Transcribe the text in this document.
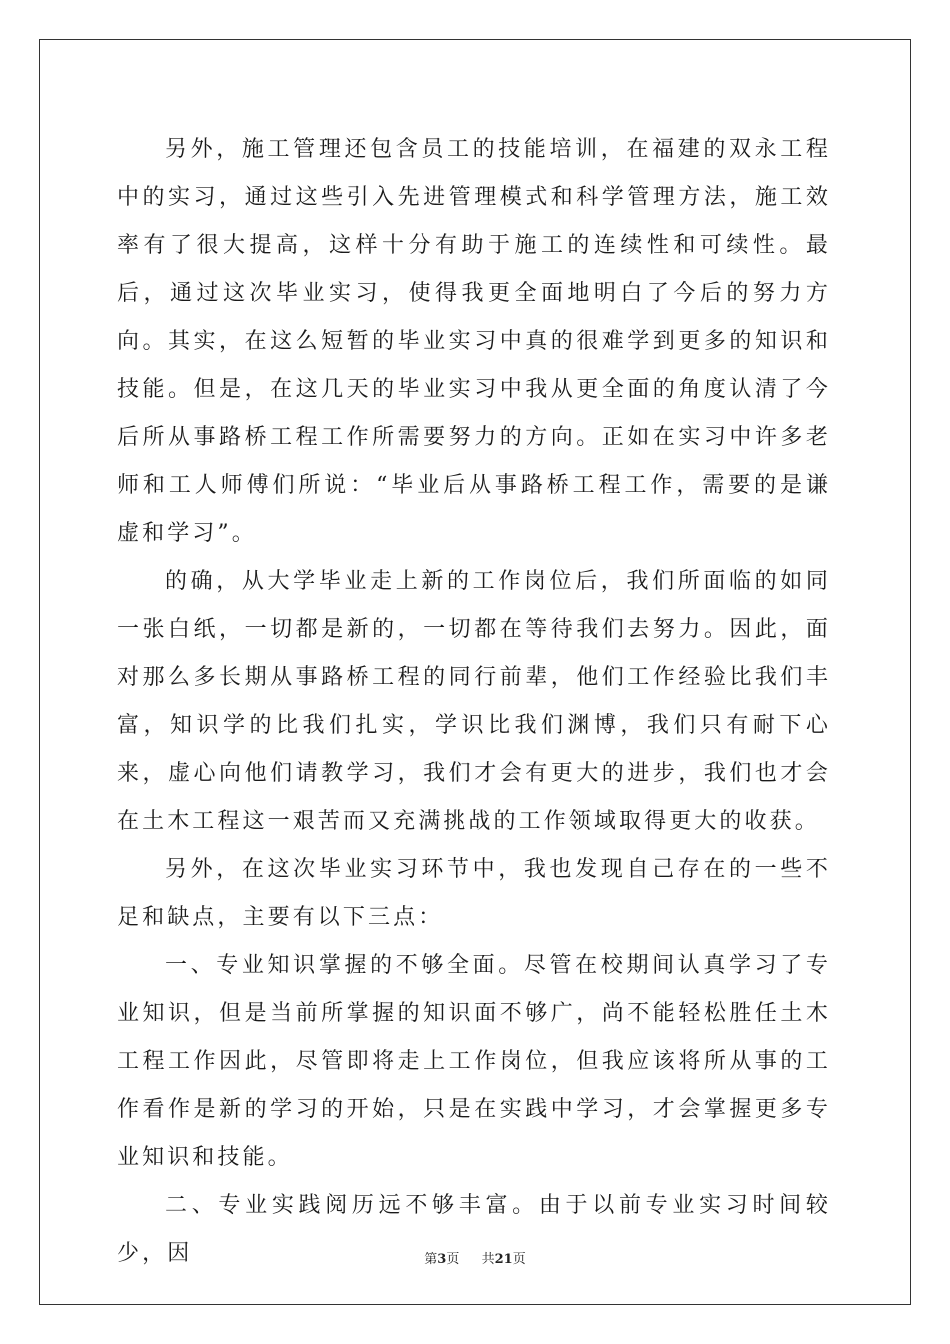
另外，施工管理还包含员工的技能培训，在福建的双永工程中的实习，通过这些引入先进管理模式和科学管理方法，施工效率有了很大提高，这样十分有助于施工的连续性和可续性。最后，通过这次毕业实习，使得我更全面地明白了今后的努力方向。其实，在这么短暂的毕业实习中真的很难学到更多的知识和技能。但是，在这几天的毕业实习中我从更全面的角度认清了今后所从事路桥工程工作所需要努力的方向。正如在实习中许多老师和工人师傅们所说：“毕业后从事路桥工程工作，需要的是谦虚和学习”。

的确，从大学毕业走上新的工作岗位后，我们所面临的如同一张白纸，一切都是新的，一切都在等待我们去努力。因此，面对那么多长期从事路桥工程的同行前辈，他们工作经验比我们丰富，知识学的比我们扎实，学识比我们渊博，我们只有耐下心来，虚心向他们请教学习，我们才会有更大的进步，我们也才会在土木工程这一艰苦而又充满挑战的工作领域取得更大的收获。

另外，在这次毕业实习环节中，我也发现自己存在的一些不足和缺点，主要有以下三点：

一、专业知识掌握的不够全面。尽管在校期间认真学习了专业知识，但是当前所掌握的知识面不够广，尚不能轻松胜任土木工程工作因此，尽管即将走上工作岗位，但我应该将所从事的工作看作是新的学习的开始，只是在实践中学习，才会掌握更多专业知识和技能。

二、专业实践阅历远不够丰富。由于以前专业实习时间较少，因	第3页 共21页
